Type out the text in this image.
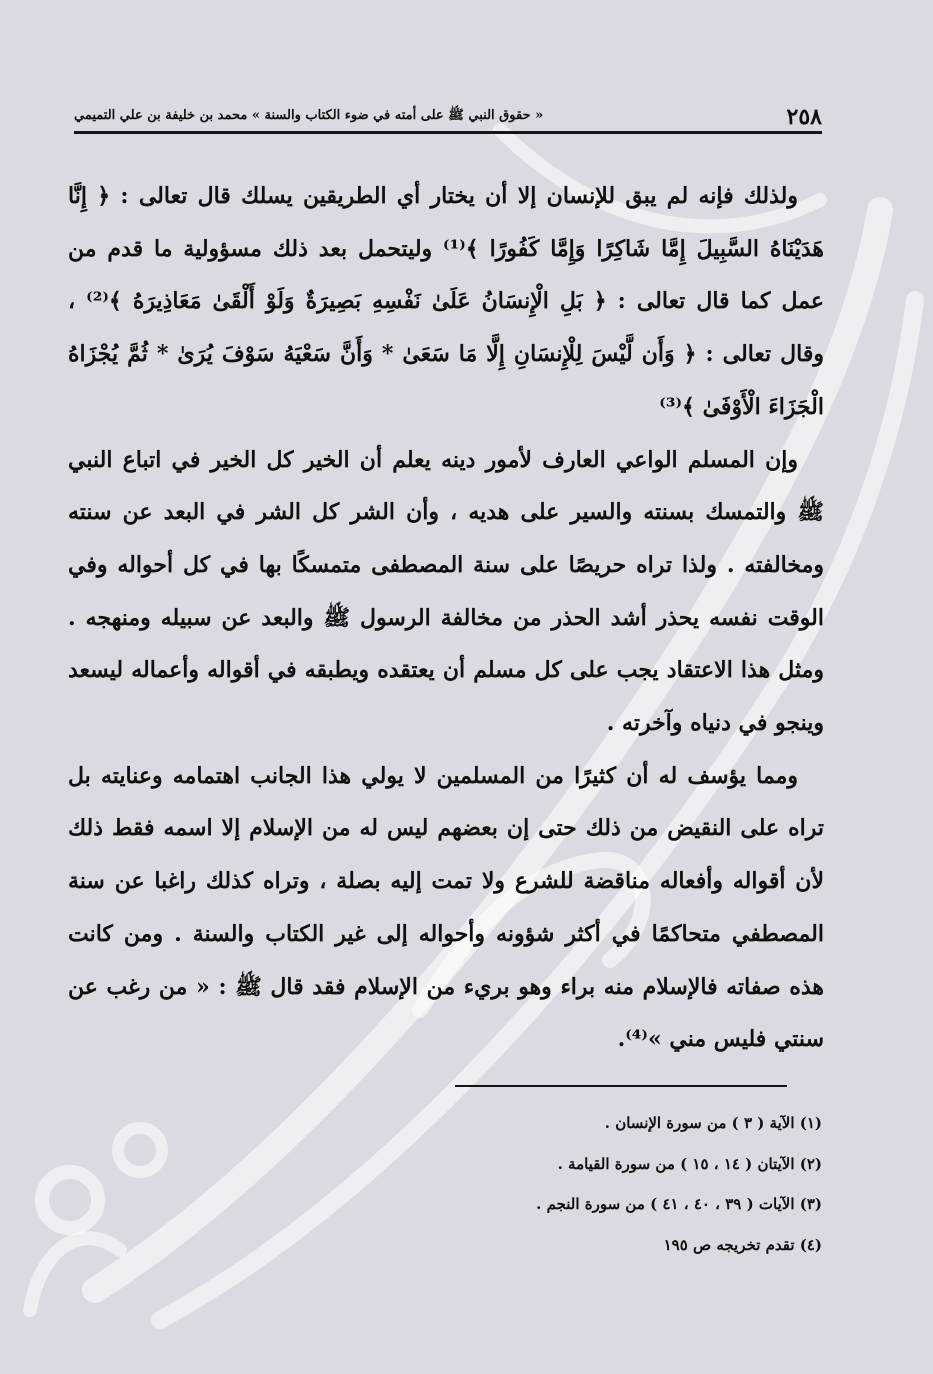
٢٥٨
« حقوق النبي ﷺ على أمته في ضوء الكتاب والسنة » محمد بن خليفة بن علي التميمي

ولذلك فإنه لم يبق للإنسان إلا أن يختار أي الطريقين يسلك قال تعالى : ﴿ إِنَّا هَدَيْنَاهُ السَّبِيلَ إِمَّا شَاكِرًا وَإِمَّا كَفُورًا ﴾⁽¹⁾ وليتحمل بعد ذلك مسؤولية ما قدم من عمل كما قال تعالى : ﴿ بَلِ الْإِنسَانُ عَلَىٰ نَفْسِهِ بَصِيرَةٌ وَلَوْ أَلْقَىٰ مَعَاذِيرَهُ ﴾⁽²⁾ ، وقال تعالى : ﴿ وَأَن لَّيْسَ لِلْإِنسَانِ إِلَّا مَا سَعَىٰ * وَأَنَّ سَعْيَهُ سَوْفَ يُرَىٰ * ثُمَّ يُجْزَاهُ الْجَزَاءَ الْأَوْفَىٰ ﴾⁽³⁾

وإن المسلم الواعي العارف لأمور دينه يعلم أن الخير كل الخير في اتباع النبي ﷺ والتمسك بسنته والسير على هديه ، وأن الشر كل الشر في البعد عن سنته ومخالفته . ولذا تراه حريصًا على سنة المصطفى متمسكًا بها في كل أحواله وفي الوقت نفسه يحذر أشد الحذر من مخالفة الرسول ﷺ والبعد عن سبيله ومنهجه . ومثل هذا الاعتقاد يجب على كل مسلم أن يعتقده ويطبقه في أقواله وأعماله ليسعد وينجو في دنياه وآخرته .

ومما يؤسف له أن كثيرًا من المسلمين لا يولي هذا الجانب اهتمامه وعنايته بل تراه على النقيض من ذلك حتى إن بعضهم ليس له من الإسلام إلا اسمه فقط ذلك لأن أقواله وأفعاله مناقضة للشرع ولا تمت إليه بصلة ، وتراه كذلك راغبا عن سنة المصطفي متحاكمًا في أكثر شؤونه وأحواله إلى غير الكتاب والسنة . ومن كانت هذه صفاته فالإسلام منه براء وهو بريء من الإسلام فقد قال ﷺ : « من رغب عن سنتي فليس مني »⁽⁴⁾.

(١) الآية ( ٣ ) من سورة الإنسان .
(٢) الآيتان ( ١٤ ، ١٥ ) من سورة القيامة .
(٣) الآيات ( ٣٩ ، ٤٠ ، ٤١ ) من سورة النجم .
(٤) تقدم تخريجه ص ١٩٥
